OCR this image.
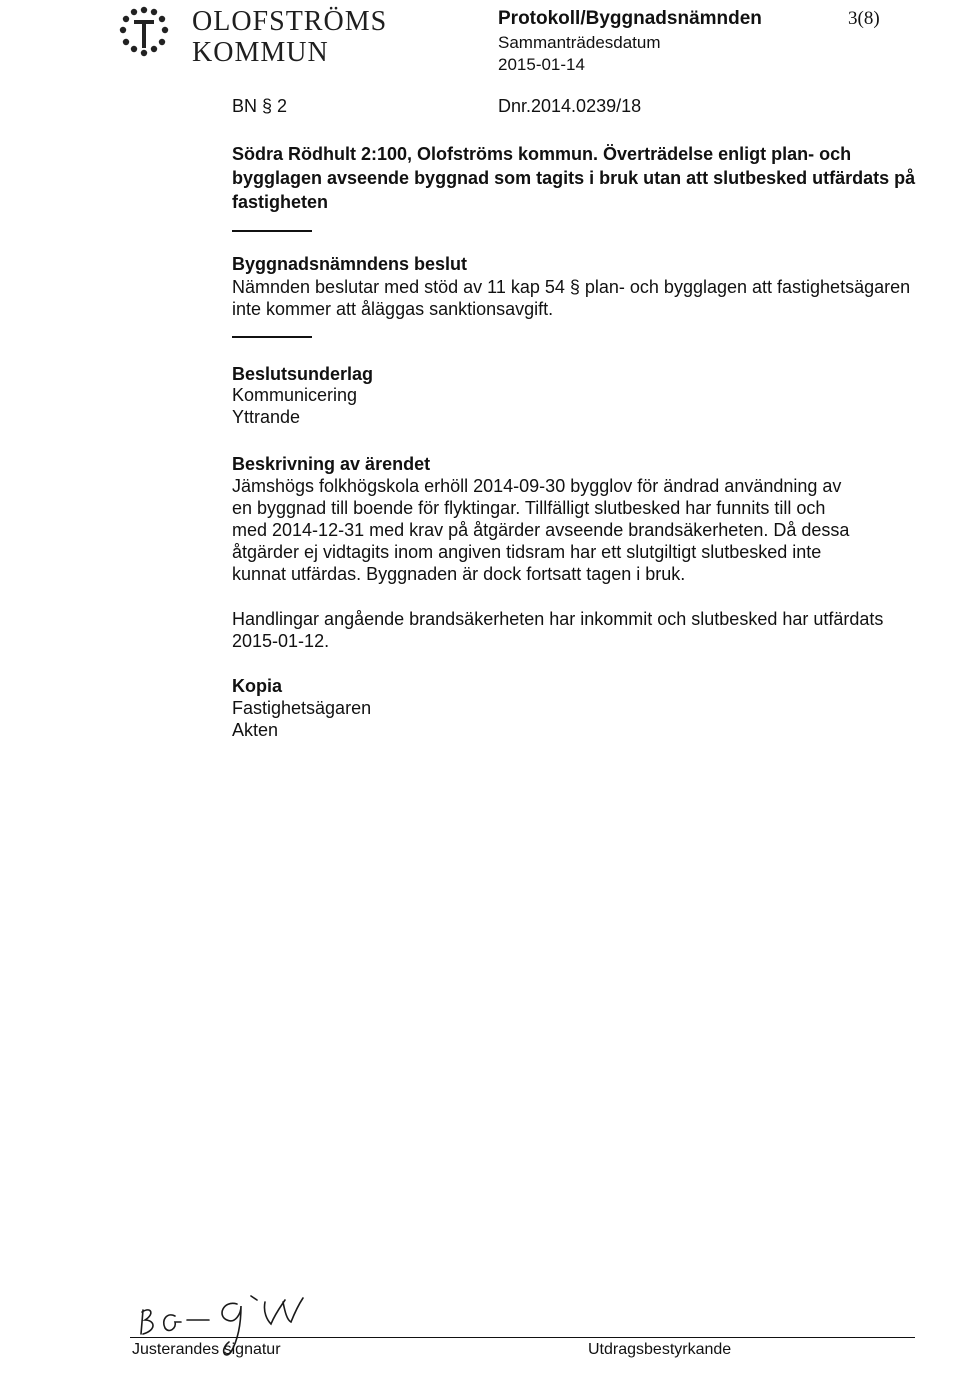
OLOFSTRÖMS
KOMMUN
Protokoll/Byggnadsnämnden
Sammanträdesdatum
2015-01-14
3(8)
BN § 2	Dnr.2014.0239/18
Södra Rödhult 2:100, Olofströms kommun. Överträdelse enligt plan- och bygglagen avseende byggnad som tagits i bruk utan att slutbesked utfärdats på fastigheten
Byggnadsnämndens beslut
Nämnden beslutar med stöd av 11 kap 54 § plan- och bygglagen att fastighetsägaren
inte kommer att åläggas sanktionsavgift.
Beslutsunderlag
Kommunicering
Yttrande
Beskrivning av ärendet
Jämshögs folkhögskola erhöll 2014-09-30 bygglov för ändrad användning av
en byggnad till boende för flyktingar. Tillfälligt slutbesked har funnits till och
med 2014-12-31 med krav på åtgärder avseende brandsäkerheten. Då dessa
åtgärder ej vidtagits inom angiven tidsram har ett slutgiltigt slutbesked inte
kunnat utfärdas. Byggnaden är dock fortsatt tagen i bruk.
Handlingar angående brandsäkerheten har inkommit och slutbesked har utfärdats
2015-01-12.
Kopia
Fastighetsägaren
Akten
Justerandes signatur	Utdragsbestyrkande
